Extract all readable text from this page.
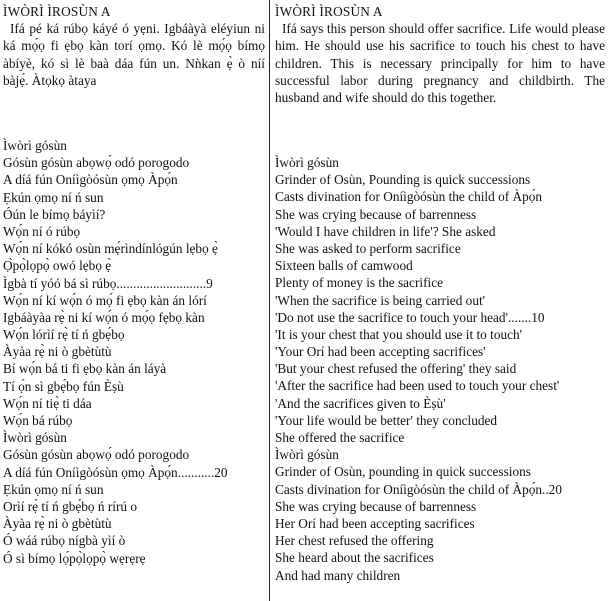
ÌWÒRÌ ÌROSÙN A
Ifá pé ká rúbọ káyé ó yẹni. Igbáàyà eléyiun ni ká mọ́ọ fi ẹbọ kàn torí ọmọ. Kó lè mọ́ọ bímọ àbíyè, kó sì lè baà dáa fún un. Nǹkan ẹ̀ ò níí bàjẹ́. Àtọkọ àtaya
Ìwòrì gósùn
Gósùn gósùn abọwọ́ odó porogodo
A díá fún Oníìgòósùn ọmọ Àpọ́n
Ẹkún ọmọ ní ń sun
Óún le bímọ báyìí?
Wọ́n ní ó rúbọ
Wọ́n ní kókó osùn mẹ́rìndínlógún lẹbọ ẹ̀
Ọ̀pọ̀lọpọ̀ owó lẹbọ ẹ̀
Ìgbà tí yóó bá sì rúbọ...........................9
Wọ́n ní kí wọ́n ó mọ́ fi ẹbọ kàn án lórí
Igbáàyàa rẹ̀ ni kí wọ́n ó mọ́ọ fẹbọ kàn
Wọ́n lórìí rẹ̀ tí ń gbẹ́bọ
Àyàa rẹ̀ ni ò gbètùtù
Bí wọ́n bá ti fi ẹbọ kàn án láyà
Tí ọ́n sì gbẹ́bọ fún Èṣù
Wọ́n ní tiẹ̀ ti dáa
Wọ́n bá rúbọ
Ìwòrì gósùn
Gósùn gósùn abọwọ́ odó porogodo
A díá fún Oníìgòósùn ọmọ Àpọ́n...........20
Ẹkún ọmọ ní ń sun
Orìí rẹ̀ tí ń gbẹ́bọ ń rírú o
Àyàa rẹ̀ ni ò gbètùtù
Ó wáá rúbọ nígbà yìí ò
Ó sì bímọ lọ́pọ̀lọpọ̀ wẹrẹrẹ
ÌWÒRÌ ÌROSÙN A
Ifá says this person should offer sacrifice. Life would please him. He should use his sacrifice to touch his chest to have children. This is necessary principally for him to have successful labor during pregnancy and childbirth. The husband and wife should do this together.
Ìwòrì gósùn
Grinder of Osùn, Pounding is quick successions
Casts divination for Oníìgòósùn the child of Àpọ́n
She was crying because of barrenness
'Would I have children in life'? She asked
She was asked to perform sacrifice
Sixteen balls of camwood
Plenty of money is the sacrifice
'When the sacrifice is being carried out'
'Do not use the sacrifice to touch your head'.......10
'It is your chest that you should use it to touch'
'Your Orí had been accepting sacrifices'
'But your chest refused the offering' they said
'After the sacrifice had been used to touch your chest'
'And the sacrifices given to Èṣù'
'Your life would be better' they concluded
She offered the sacrifice
Ìwòrì gósùn
Grinder of Osùn, pounding in quick successions
Casts divination for Oníìgòósùn the child of Àpọ́n..20
She was crying because of barrenness
Her Orí had been accepting sacrifices
Her chest refused the offering
She heard about the sacrifices
And had many children
